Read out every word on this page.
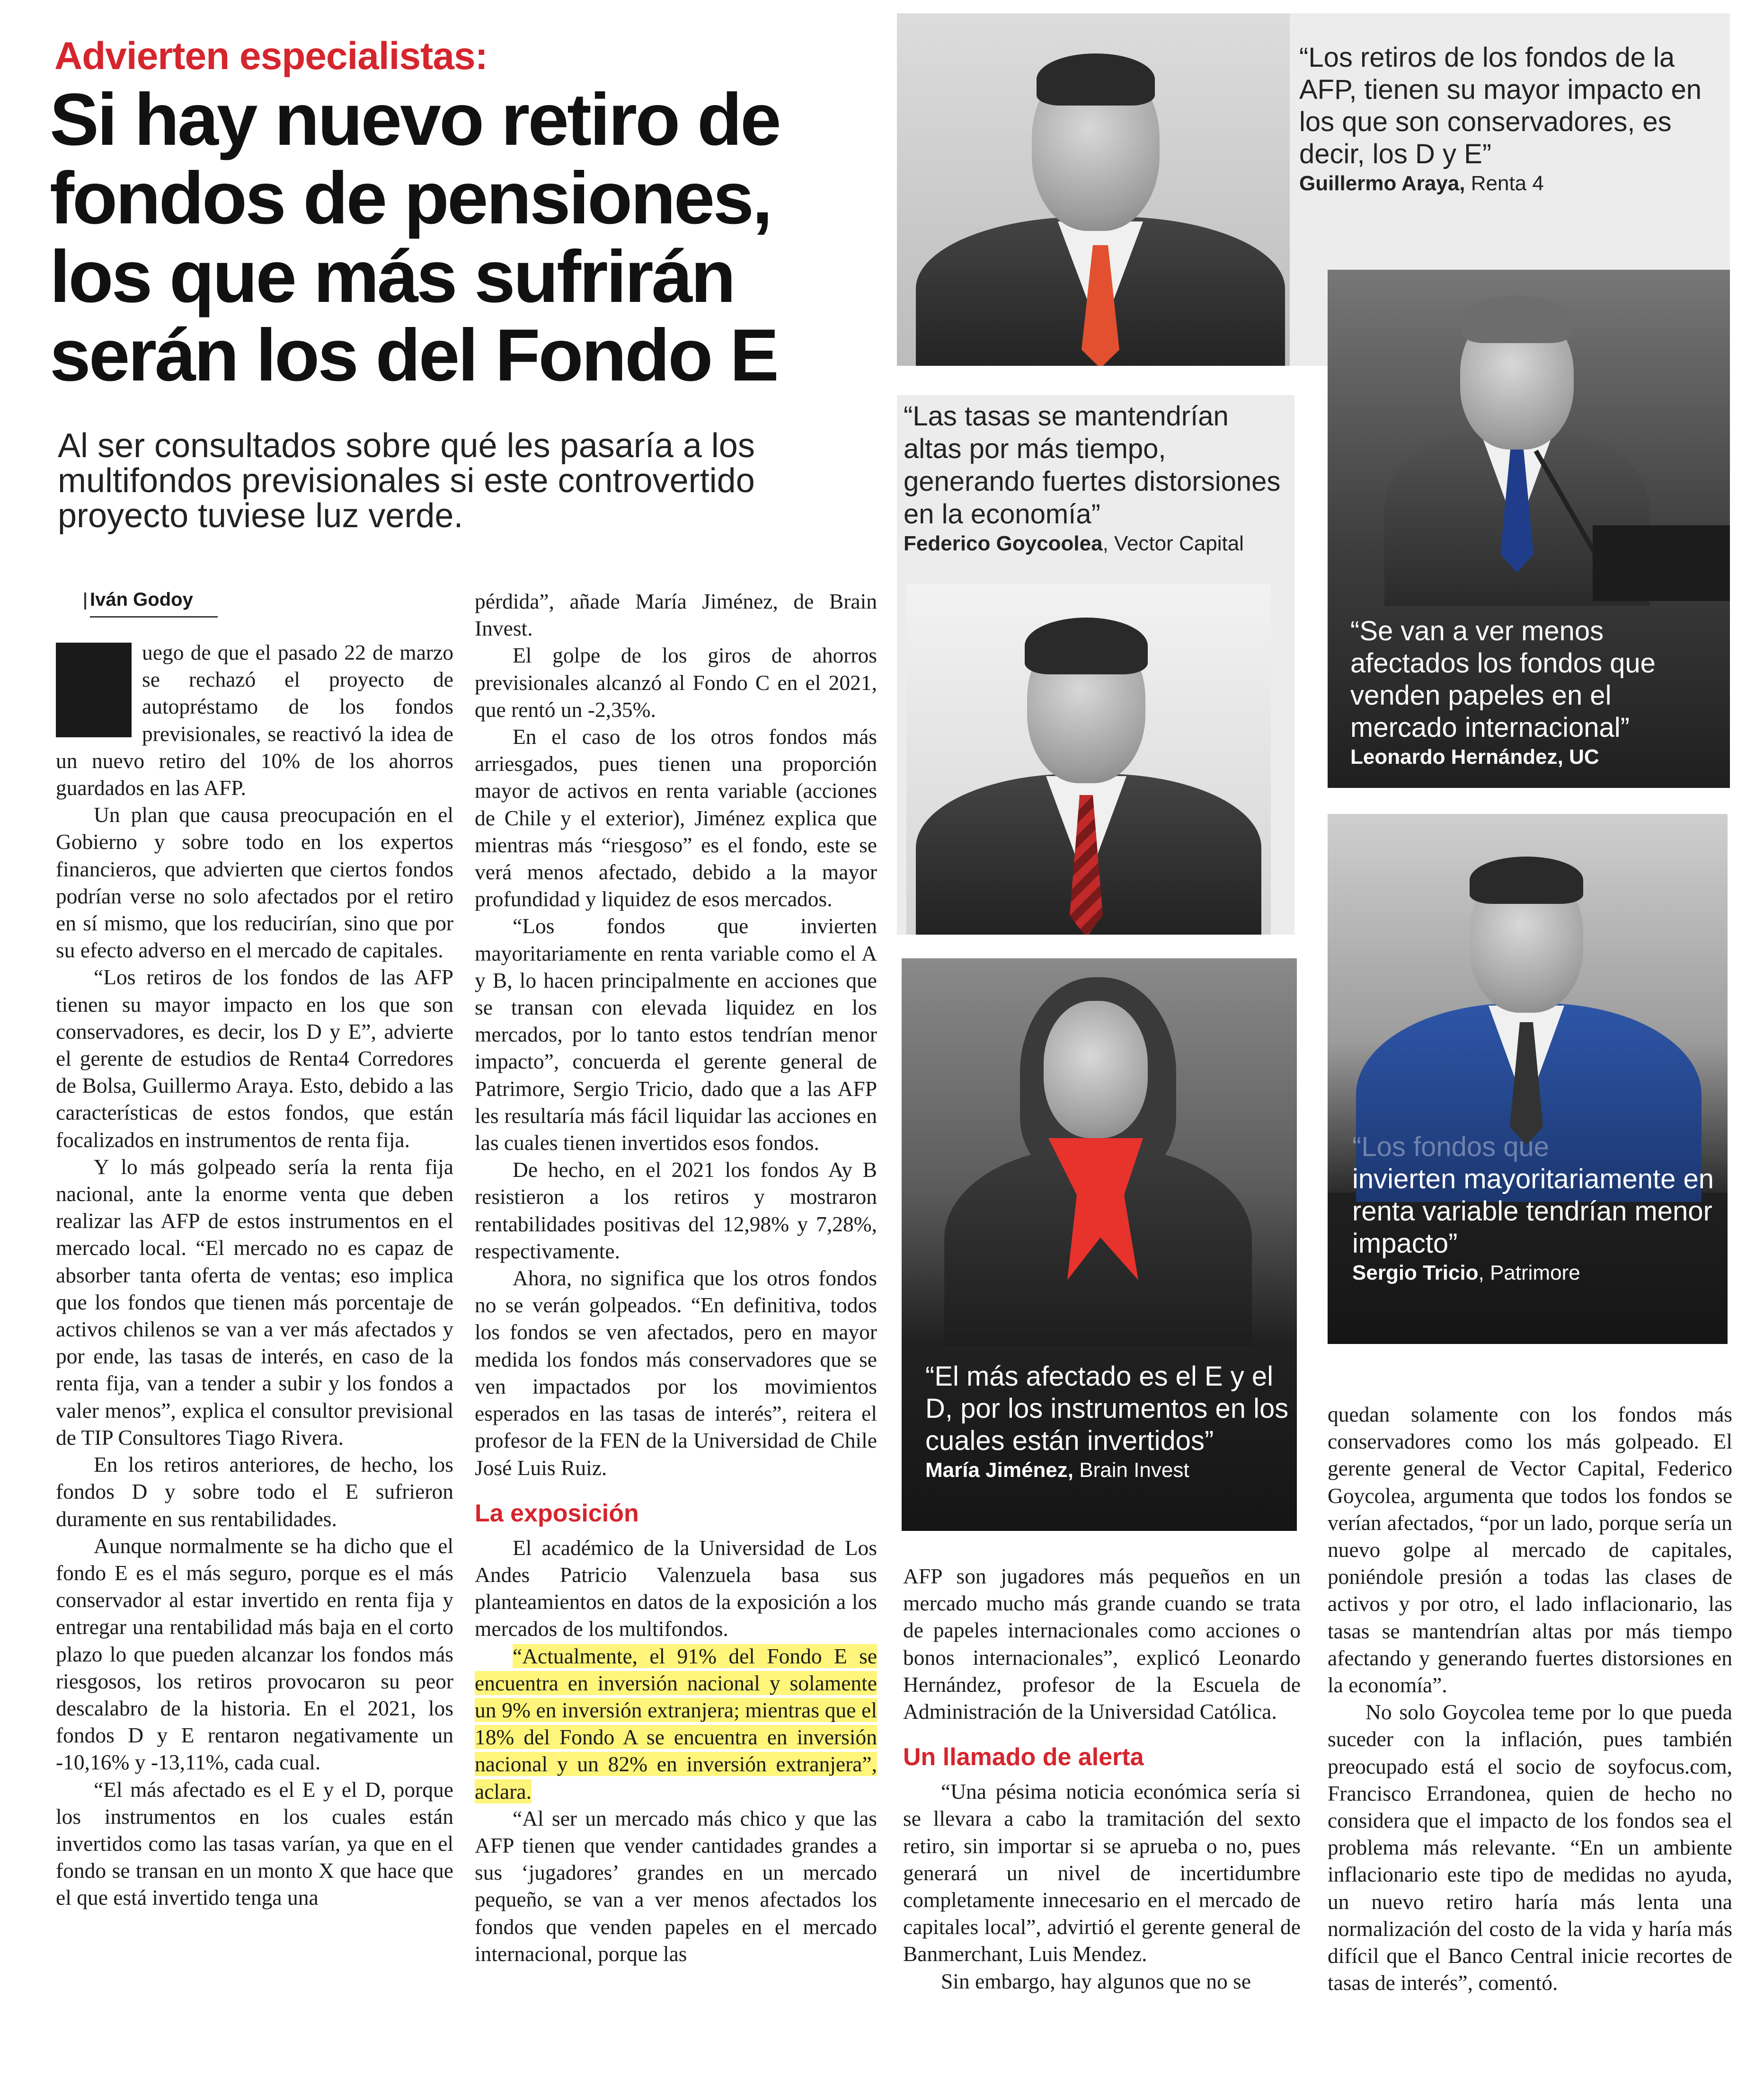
Advierten especialistas:
Si hay nuevo retiro de
fondos de pensiones,
los que más sufrirán
serán los del Fondo E
Al ser consultados sobre qué les pasaría a los
multifondos previsionales si este controvertido
proyecto tuviese luz verde.
Iván Godoy

uego de que el pasado 22 de marzo se rechazó el proyecto de autopréstamo de los fondos previsionales, se reactivó la idea de un nuevo retiro del 10% de los ahorros guardados en las AFP.

Un plan que causa preocupación en el Gobierno y sobre todo en los expertos financieros, que advierten que ciertos fondos podrían verse no solo afectados por el retiro en sí mismo, que los reducirían, sino que por su efecto adverso en el mercado de capitales.

“Los retiros de los fondos de las AFP tienen su mayor impacto en los que son conservadores, es decir, los D y E”, advierte el gerente de estudios de Renta4 Corredores de Bolsa, Guillermo Araya. Esto, debido a las características de estos fondos, que están focalizados en instrumentos de renta fija.

Y lo más golpeado sería la renta fija nacional, ante la enorme venta que deben realizar las AFP de estos instrumentos en el mercado local. “El mercado no es capaz de absorber tanta oferta de ventas; eso implica que los fondos que tienen más porcentaje de activos chilenos se van a ver más afectados y por ende, las tasas de interés, en caso de la renta fija, van a tender a subir y los fondos a valer menos”, explica el consultor previsional de TIP Consultores Tiago Rivera.

En los retiros anteriores, de hecho, los fondos D y sobre todo el E sufrieron duramente en sus rentabilidades.

Aunque normalmente se ha dicho que el fondo E es el más seguro, porque es el más conservador al estar invertido en renta fija y entregar una rentabilidad más baja en el corto plazo lo que pueden alcanzar los fondos más riesgosos, los retiros provocaron su peor descalabro de la historia. En el 2021, los fondos D y E rentaron negativamente un -10,16% y -13,11%, cada cual.

“El más afectado es el E y el D, porque los instrumentos en los cuales están invertidos como las tasas varían, ya que en el fondo se transan en un monto X que hace que el que está invertido tenga una

pérdida”, añade María Jiménez, de Brain Invest.

El golpe de los giros de ahorros previsionales alcanzó al Fondo C en el 2021, que rentó un -2,35%.

En el caso de los otros fondos más arriesgados, pues tienen una proporción mayor de activos en renta variable (acciones de Chile y el exterior), Jiménez explica que mientras más “riesgoso” es el fondo, este se verá menos afectado, debido a la mayor profundidad y liquidez de esos mercados.

“Los fondos que invierten mayoritariamente en renta variable como el A y B, lo hacen principalmente en acciones que se transan con elevada liquidez en los mercados, por lo tanto estos tendrían menor impacto”, concuerda el gerente general de Patrimore, Sergio Tricio, dado que a las AFP les resultaría más fácil liquidar las acciones en las cuales tienen invertidos esos fondos.

De hecho, en el 2021 los fondos Ay B resistieron a los retiros y mostraron rentabilidades positivas del 12,98% y 7,28%, respectivamente.

Ahora, no significa que los otros fondos no se verán golpeados. “En definitiva, todos los fondos se ven afectados, pero en mayor medida los fondos más conservadores que se ven impactados por los movimientos esperados en las tasas de interés”, reitera el profesor de la FEN de la Universidad de Chile José Luis Ruiz.

La exposición

El académico de la Universidad de Los Andes Patricio Valenzuela basa sus planteamientos en datos de la exposición a los mercados de los multifondos.

“Actualmente, el 91% del Fondo E se encuentra en inversión nacional y solamente un 9% en inversión extranjera; mientras que el 18% del Fondo A se encuentra en inversión nacional y un 82% en inversión extranjera”, aclara.

“Al ser un mercado más chico y que las AFP tienen que vender cantidades grandes a sus ‘jugadores’ grandes en un mercado pequeño, se van a ver menos afectados los fondos que venden papeles en el mercado internacional, porque las

AFP son jugadores más pequeños en un mercado mucho más grande cuando se trata de papeles internacionales como acciones o bonos internacionales”, explicó Leonardo Hernández, profesor de la Escuela de Administración de la Universidad Católica.

Un llamado de alerta

“Una pésima noticia económica sería si se llevara a cabo la tramitación del sexto retiro, sin importar si se aprueba o no, pues generará un nivel de incertidumbre completamente innecesario en el mercado de capitales local”, advirtió el gerente general de Banmerchant, Luis Mendez.

Sin embargo, hay algunos que no se

quedan solamente con los fondos más conservadores como los más golpeado. El gerente general de Vector Capital, Federico Goycolea, argumenta que todos los fondos se verían afectados, “por un lado, porque sería un nuevo golpe al mercado de capitales, poniéndole presión a todas las clases de activos y por otro, el lado inflacionario, las tasas se mantendrían altas por más tiempo afectando y generando fuertes distorsiones en la economía”.

No solo Goycolea teme por lo que pueda suceder con la inflación, pues también preocupado está el socio de soyfocus.com, Francisco Errandonea, quien de hecho no considera que el impacto de los fondos sea el problema más relevante. “En un ambiente inflacionario este tipo de medidas no ayuda, un nuevo retiro haría más lenta una normalización del costo de la vida y haría más difícil que el Banco Central inicie recortes de tasas de interés”, comentó.

“Los retiros de los fondos de la AFP, tienen su mayor impacto en los que son conservadores, es decir, los D y E”
Guillermo Araya, Renta 4
“Las tasas se mantendrían altas por más tiempo, generando fuertes distorsiones en la economía”
Federico Goycoolea, Vector Capital
“Se van a ver menos afectados los fondos que venden papeles en el mercado internacional”
Leonardo Hernández, UC
“Los fondos que
invierten mayoritariamente en renta variable tendrían menor impacto”
Sergio Tricio, Patrimore
“El más afectado es el E y el D, por los instrumentos en los cuales están invertidos”
María Jiménez, Brain Invest
